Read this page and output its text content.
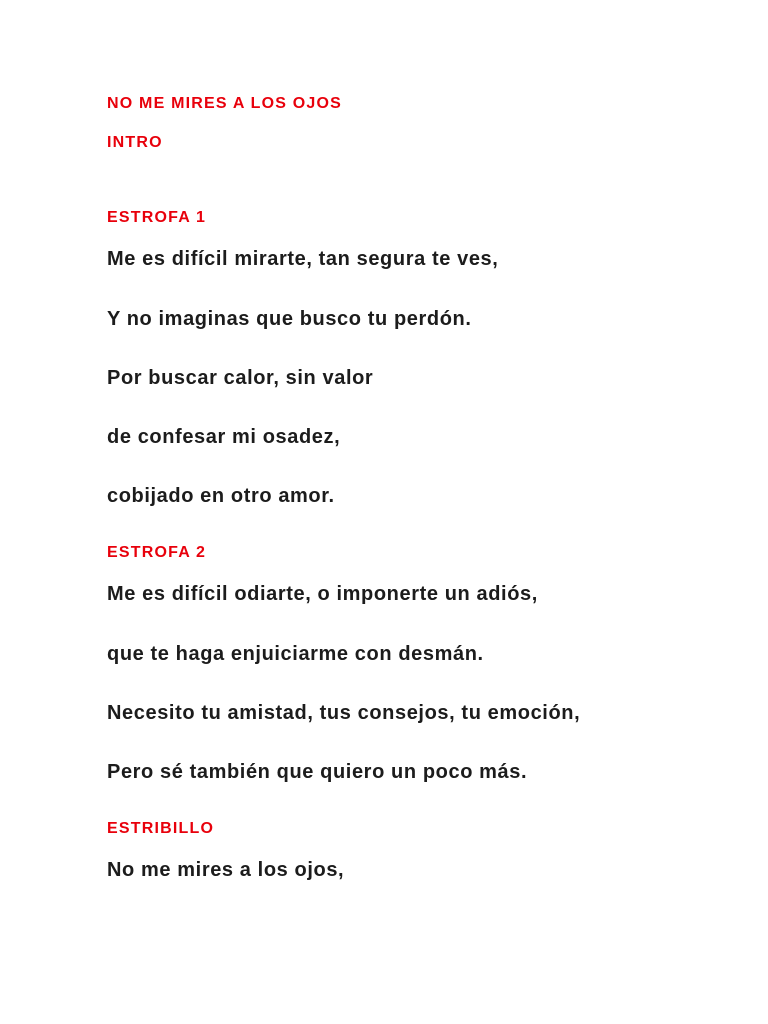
NO ME MIRES A LOS OJOS
INTRO
ESTROFA 1
Me es difícil mirarte, tan segura te ves,
Y no imaginas que busco tu perdón.
Por buscar calor, sin valor
de confesar mi osadez,
cobijado en otro amor.
ESTROFA 2
Me es difícil odiarte, o imponerte un adiós,
que te haga enjuiciarme con desmán.
Necesito tu amistad, tus consejos, tu emoción,
Pero sé también que quiero un poco más.
ESTRIBILLO
No me mires a los ojos,
